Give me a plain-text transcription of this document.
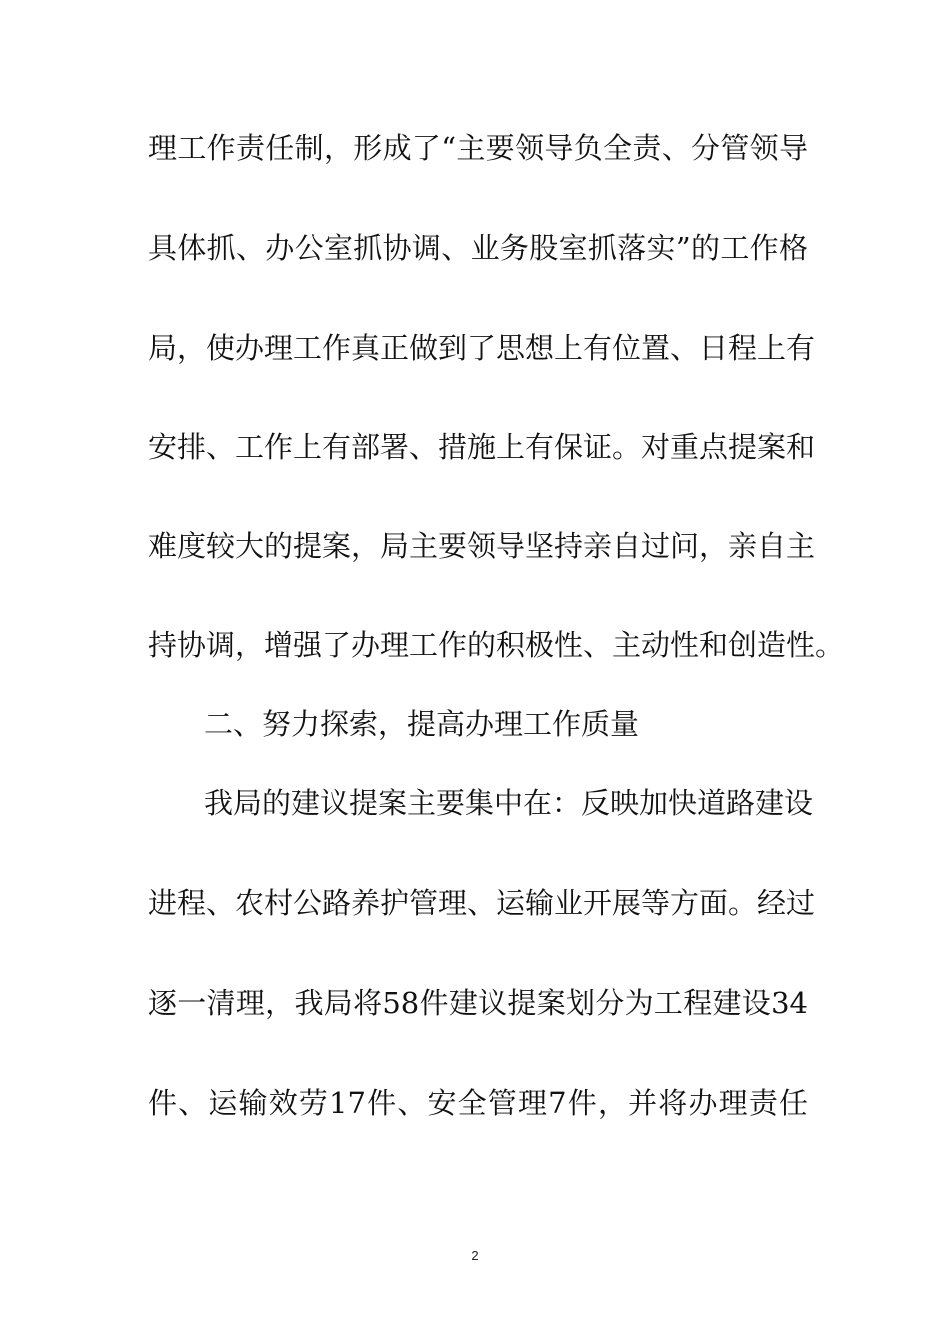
理工作责任制，形成了“主要领导负全责、分管领导
具体抓、办公室抓协调、业务股室抓落实”的工作格
局，使办理工作真正做到了思想上有位置、日程上有
安排、工作上有部署、措施上有保证。对重点提案和
难度较大的提案，局主要领导坚持亲自过问，亲自主
持协调，增强了办理工作的积极性、主动性和创造性。
二、努力探索，提高办理工作质量
我局的建议提案主要集中在：反映加快道路建设
进程、农村公路养护管理、运输业开展等方面。经过
逐一清理，我局将58件建议提案划分为工程建设34
件、运输效劳17件、安全管理7件，并将办理责任
2
